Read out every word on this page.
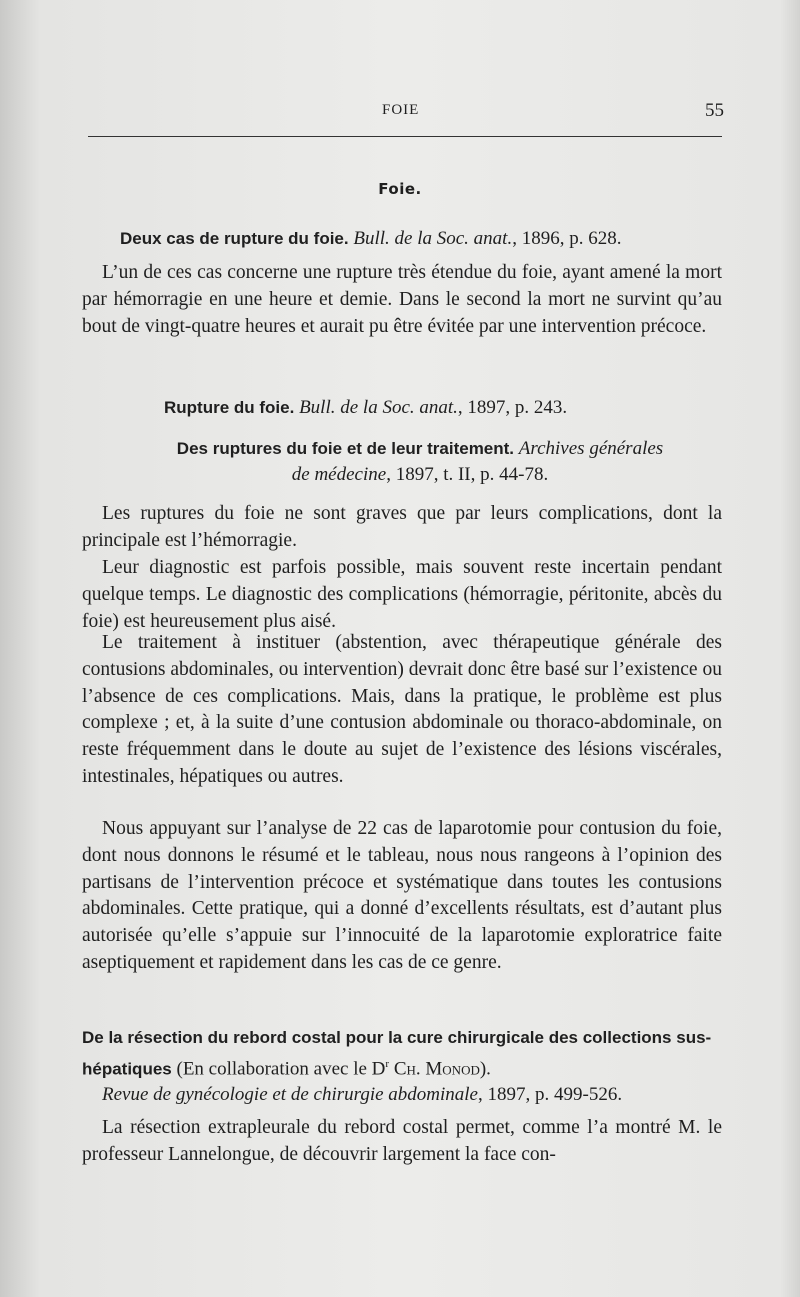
FOIE	55
Foie.
Deux cas de rupture du foie. Bull. de la Soc. anat., 1896, p. 628.

L’un de ces cas concerne une rupture très étendue du foie, ayant amené la mort par hémorragie en une heure et demie. Dans le second la mort ne survint qu’au bout de vingt-quatre heures et aurait pu être évitée par une intervention précoce.

Rupture du foie. Bull. de la Soc. anat., 1897, p. 243.
Des ruptures du foie et de leur traitement. Archives générales
de médecine, 1897, t. II, p. 44-78.

Les ruptures du foie ne sont graves que par leurs complications, dont la principale est l’hémorragie.

Leur diagnostic est parfois possible, mais souvent reste incertain pendant quelque temps. Le diagnostic des complications (hémorragie, péritonite, abcès du foie) est heureusement plus aisé.

Le traitement à instituer (abstention, avec thérapeutique générale des contusions abdominales, ou intervention) devrait donc être basé sur l’existence ou l’absence de ces complications. Mais, dans la pratique, le problème est plus complexe ; et, à la suite d’une contusion abdominale ou thoraco-abdominale, on reste fréquemment dans le doute au sujet de l’existence des lésions viscérales, intestinales, hépatiques ou autres.

Nous appuyant sur l’analyse de 22 cas de laparotomie pour contusion du foie, dont nous donnons le résumé et le tableau, nous nous rangeons à l’opinion des partisans de l’intervention précoce et systématique dans toutes les contusions abdominales. Cette pratique, qui a donné d’excellents résultats, est d’autant plus autorisée qu’elle s’appuie sur l’innocuité de la laparotomie exploratrice faite aseptiquement et rapidement dans les cas de ce genre.

De la résection du rebord costal pour la cure chirurgicale des collections sus-hépatiques (En collaboration avec le $D^r$ Ch. Monod).
Revue de gynécologie et de chirurgie abdominale, 1897, p. 499-526.

La résection extrapleurale du rebord costal permet, comme l’a montré M. le professeur Lannelongue, de découvrir largement la face con-
